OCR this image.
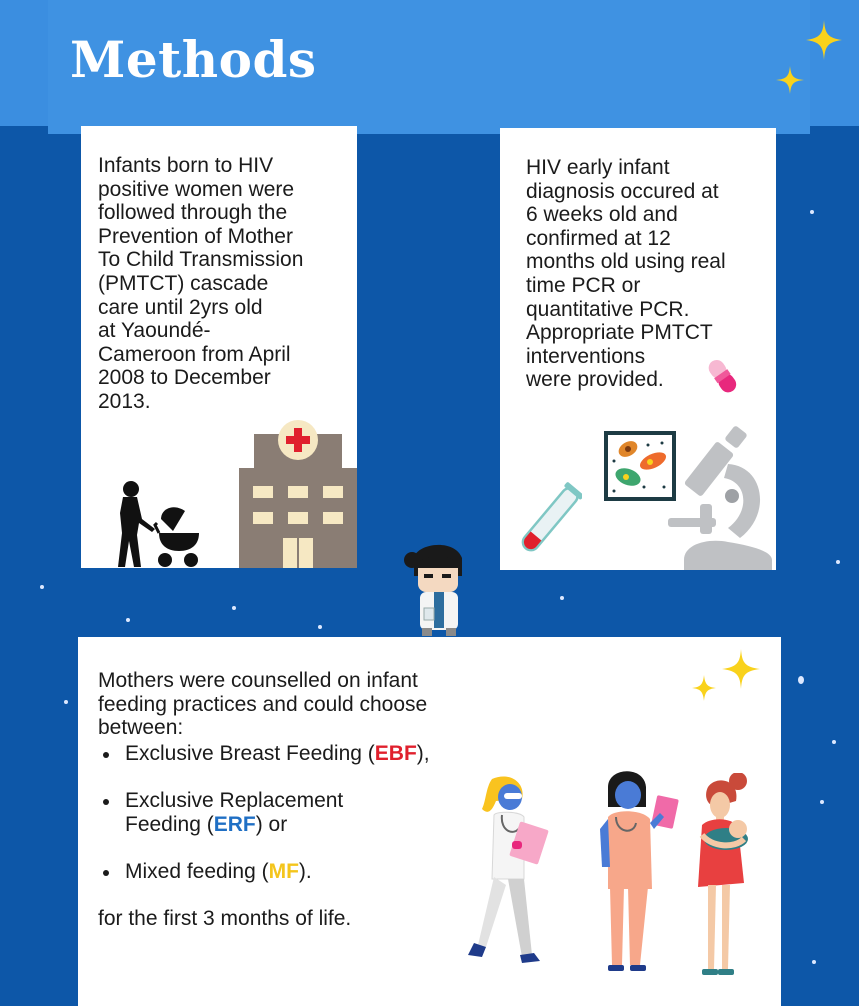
Methods

Infants born to HIV
positive women were
followed through the
Prevention of Mother
To Child Transmission
(PMTCT) cascade
care until 2yrs old
at Yaoundé-
Cameroon from April
2008 to December
2013.

HIV early infant
diagnosis occured at
6 weeks old and
confirmed at 12
months old using real
time PCR or
quantitative PCR.
Appropriate PMTCT
interventions
were provided.

Mothers were counselled on infant
feeding practices and could choose
between:

Exclusive Breast Feeding (EBF),
Exclusive Replacement
Feeding (ERF) or
Mixed feeding (MF).

for the first 3 months of life.
